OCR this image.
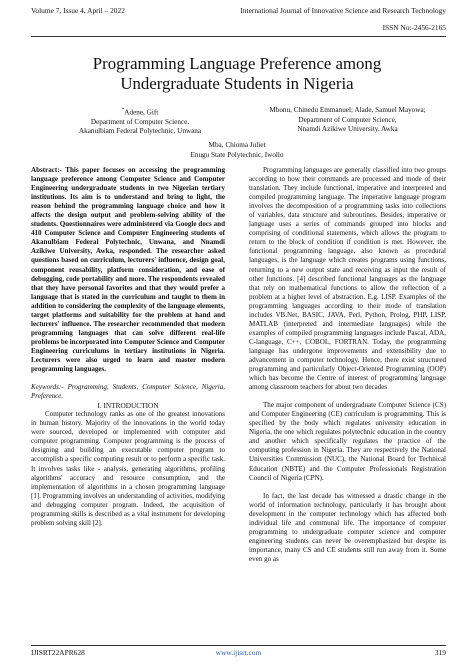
Volume 7, Issue 4, April – 2022	International Journal of Innovative Science and Research Technology
ISSN No:-2456-2165
Programming Language Preference among
Undergraduate Students in Nigeria
*Adene, Gift
Department of Computer Science,
Akanulbiam Federal Polytechnic, Unwana
Mbonu, Chinedu Emmanuel; Alade, Samuel Mayowa;
Department of Computer Science,
Nnamdi Azikiwe University, Awka
Mba, Chioma Juliet
Enugu State Polytechnic, Iwollo

Abstract:- This paper focuses on accessing the programming language preference among Computer Science and Computer Engineering undergraduate students in two Nigerian tertiary institutions. Its aim is to understand and bring to light, the reason behind the programming language choice and how it affects the design output and problem-solving ability of the students. Questionnaires were administered via Google docs and 410 Computer Science and Computer Engineering students of Akanulbiam Federal Polytechnic, Unwana, and Nnamdi Azikiwe University, Awka, responded. The researcher asked questions based on curriculum, lecturers' influence, design goal, component reusability, platform consideration, and ease of debugging, code portability and more. The respondents revealed that they have personal favorites and that they would prefer a language that is stated in the curriculum and taught to them in addition to considering the complexity of the language elements, target platforms and suitability for the problem at hand and lecturers' influence. The researcher recommended that modern programming languages that can solve different real-life problems be incorporated into Computer Science and Computer Engineering curriculums in tertiary institutions in Nigeria. Lecturers were also urged to learn and master modern programming languages.

Keywords:- Programming, Students, Computer Science, Nigeria, Preference.

I. INTRODUCTION

Computer technology ranks as one of the greatest innovations in human history. Majority of the innovations in the world today were sourced, developed or implemented with computer and computer programming. Computer programming is the process of designing and building an executable computer program to accomplish a specific computing result or to perform a specific task. It involves tasks like - analysis, generating algorithms, profiling algorithms' accuracy and resource consumption, and the implementation of algorithms in a chosen programming language [1]. Programming involves an understanding of activities, modifying and debugging computer program. Indeed, the acquisition of programming skills is described as a vital instrument for developing problem solving skill [2].

Programming languages are generally classified into two groups according to how their commands are processed and mode of their translation. They include functional, imperative and interpreted and compiled programming language. The imperative language program involves the decomposition of a programming tasks into collections of variables, data structure and subroutines. Besides, imperative or language uses a series of commands grouped into blocks and comprising of conditional statements, which allows the program to return to the block of condition if condition is met. However, the functional programming language, also known as procedural languages, is the language which creates programs using functions, returning to a new output state and receiving as input the result of other functions. [4] described functional languages as the language that rely on mathematical functions to allow the reflection of a problem at a higher level of abstraction. E.g. LISP. Examples of the programming languages according to their mode of translation includes VB.Net, BASIC, JAVA, Perl, Python, Prolog, PHP, LISP, MATLAB (interpreted and intermediate languages) while the examples of compiled programming languages include Pascal, ADA, C-language, C++, COBOL, FORTRAN. Today, the programming language has undergone improvements and extensibility due to advancement in computer technology. Hence, there exist structured programming and particularly Object-Oriented Programming (OOP) which has become the Centre of interest of programming language among classroom teachers for about two decades

The major component of undergraduate Computer Science (CS) and Computer Engineering (CE) curriculum is programming. This is specified by the body which regulates university education in Nigeria, the one which regulates polytechnic education in the country and another which specifically regulates the practice of the computing profession in Nigeria. They are respectively the National Universities Commission (NUC), the National Board for Technical Education (NBTE) and the Computer Professionals Registration Council of Nigeria (CPN).

In fact, the last decade has witnessed a drastic change in the world of information technology, particularly it has brought about development in the computer technology which has affected both individual life and communal life. The importance of computer programming to undergraduate computer science and computer engineering students can never be overemphasized but despite its importance, many CS and CE students still run away from it. Some even go as

IJISRT22APR628	www.ijisrt.com	319
